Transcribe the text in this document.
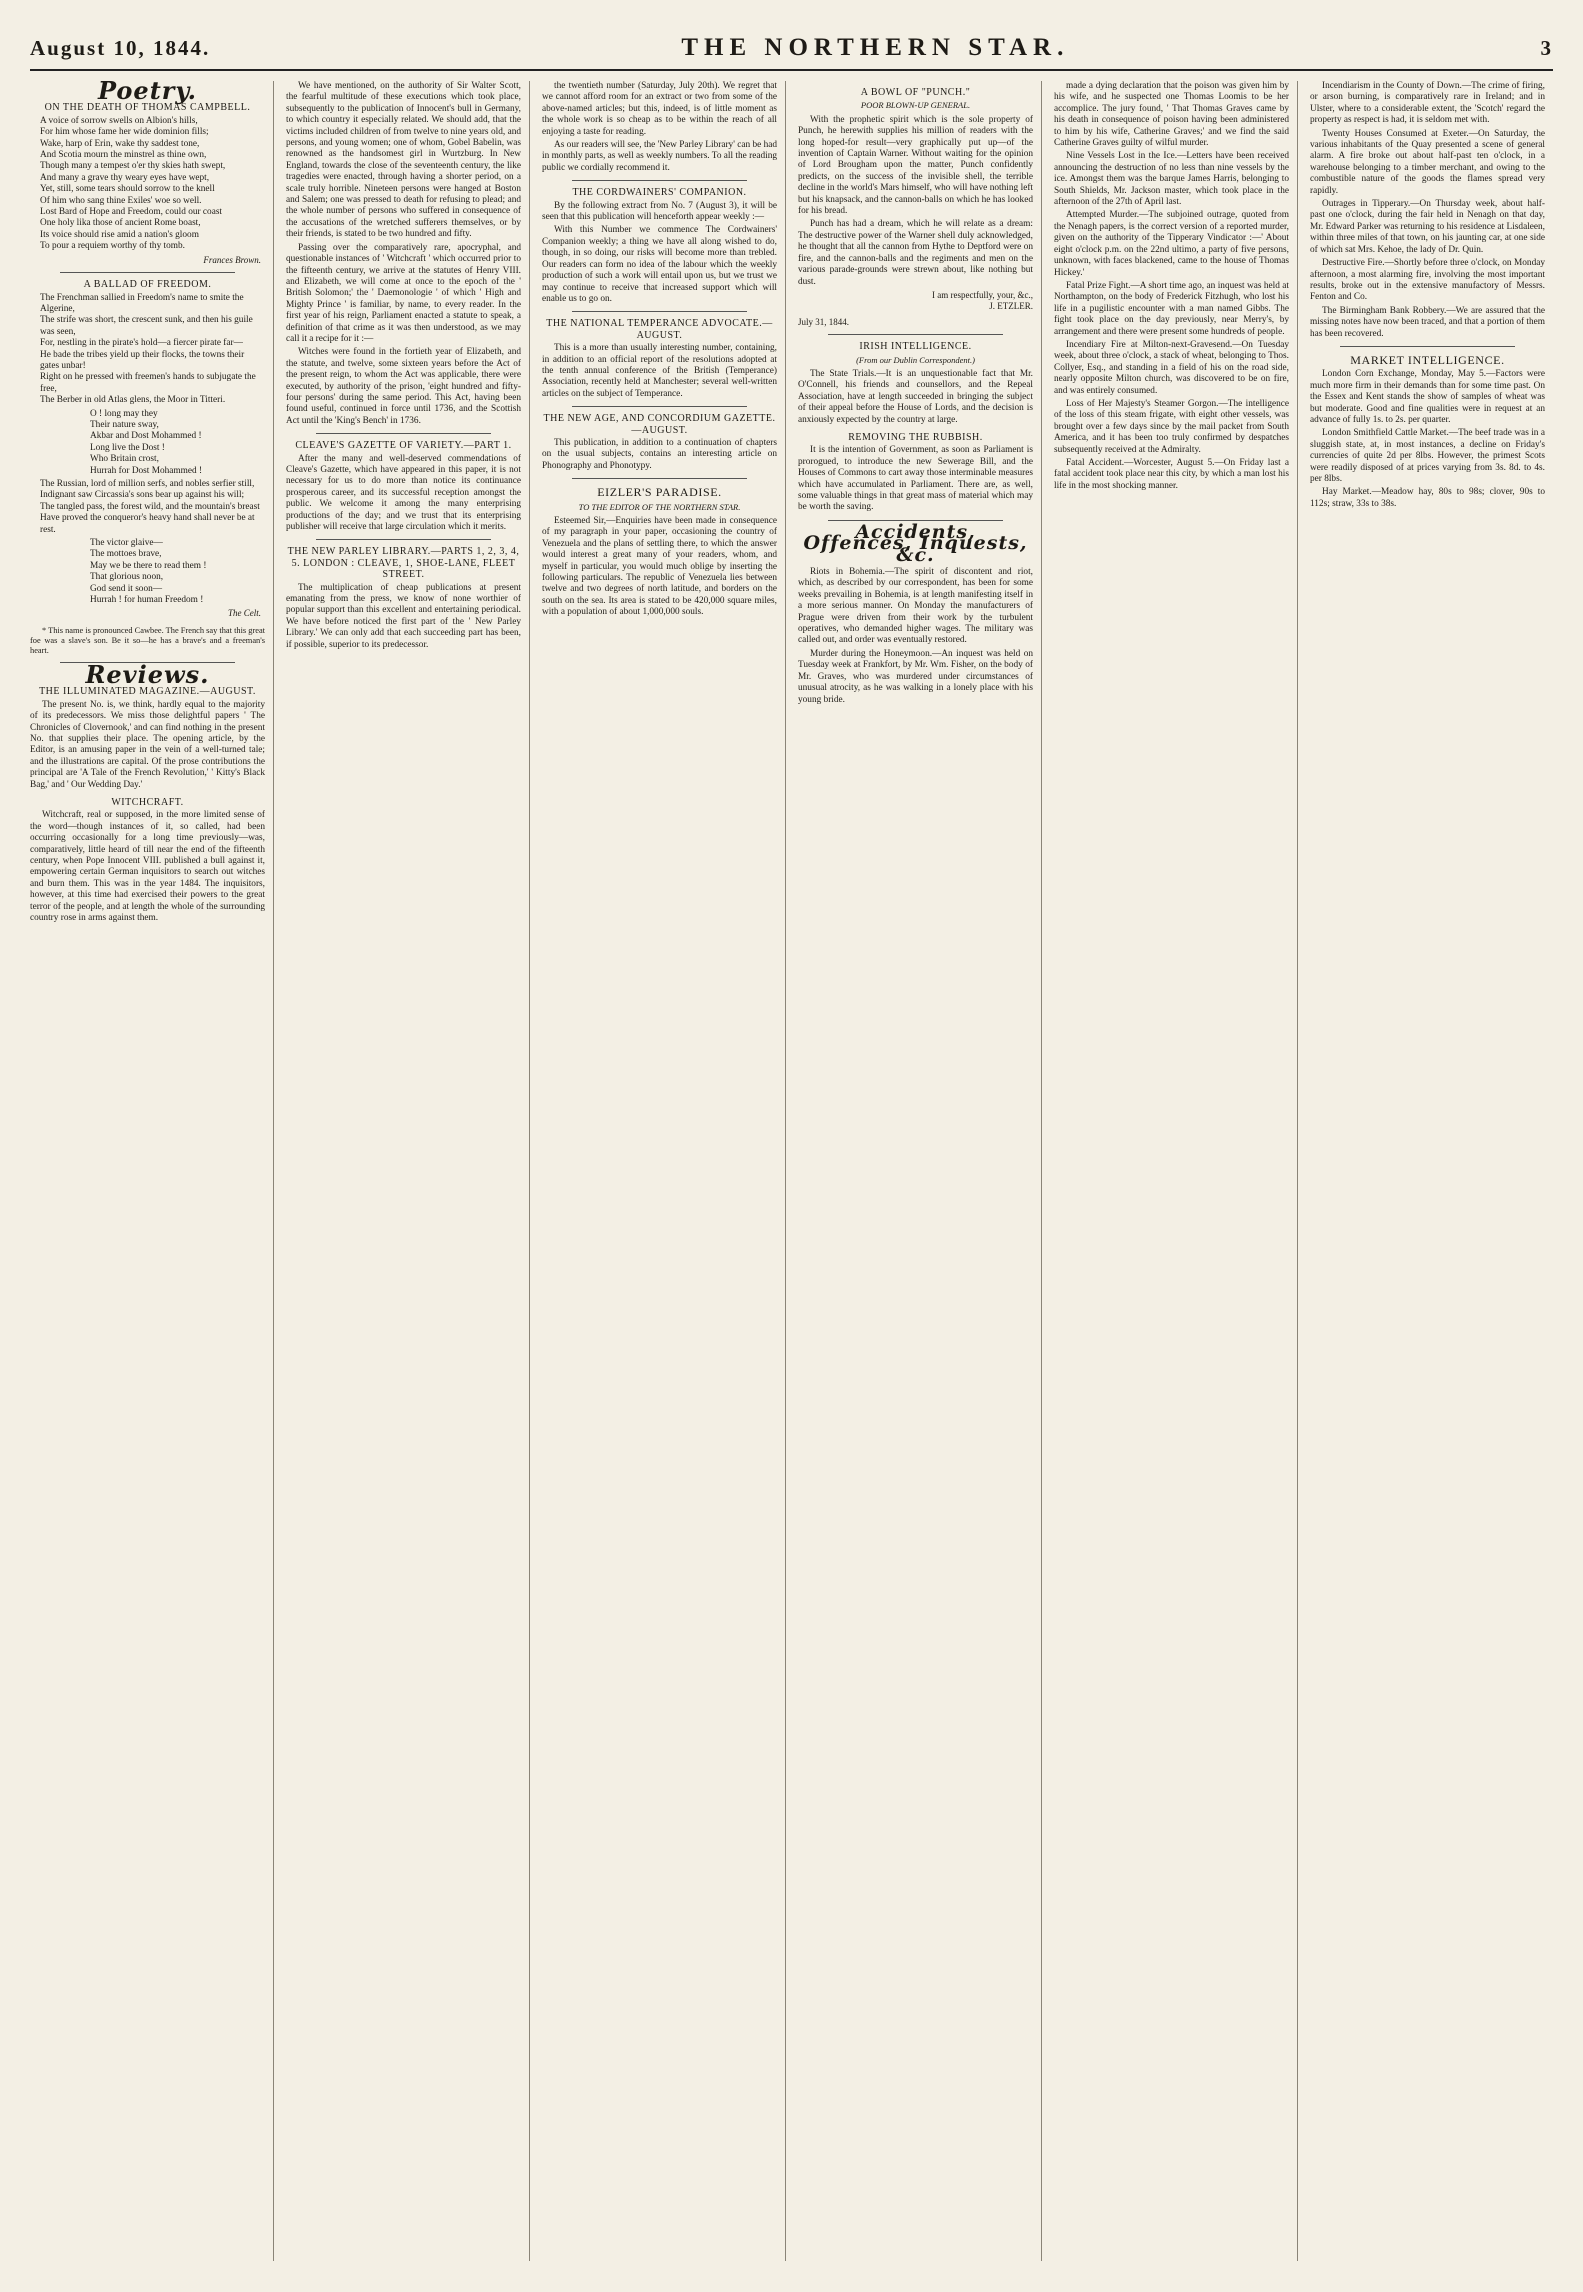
August 10, 1844.	THE NORTHERN STAR.	3
Poetry.
ON THE DEATH OF THOMAS CAMPBELL.

A voice of sorrow swells on Albion's hills,
For him whose fame her wide dominion fills;
Wake, harp of Erin, wake thy saddest tone,
And Scotia mourn the minstrel as thine own,
Though many a tempest o'er thy skies hath swept,
And many a grave thy weary eyes have wept,
Yet, still, some tears should sorrow to the knell
Of him who sang thine Exiles' woe so well.
Lost Bard of Hope and Freedom, could our coast
One holy lika those of ancient Rome boast,
Its voice should rise amid a nation's gloom
To pour a requiem worthy of thy tomb.

Frances Brown.
A BALLAD OF FREEDOM.

The Frenchman sallied in Freedom's name to smite the Algerine,
The strife was short, the crescent sunk, and then his guile was seen,
For, nestling in the pirate's hold—a fiercer pirate far—
He bade the tribes yield up their flocks, the towns their gates unbar!
Right on he pressed with freemen's hands to subjugate the free,
The Berber in old Atlas glens, the Moor in Titteri.

O ! long may they
Their nature sway,
Akbar and Dost Mohammed !
Long live the Dost !
Who Britain crost,
Hurrah for Dost Mohammed !

The Russian, lord of million serfs, and nobles serfier still,
Indignant saw Circassia's sons bear up against his will;
The tangled pass, the forest wild, and the mountain's breast
Have proved the conqueror's heavy hand shall never be at rest.

The victor glaive—
The mottoes brave,
May we be there to read them !
That glorious noon,
God send it soon—
Hurrah ! for human Freedom !

The Celt.

* This name is pronounced Cawbee. The French say that this great foe was a slave's son. Be it so—he has a brave's and a freeman's heart.

Reviews.
THE ILLUMINATED MAGAZINE.—AUGUST.

The present No. is, we think, hardly equal to the majority of its predecessors. We miss those delightful papers ' The Chronicles of Clovernook,' and can find nothing in the present No. that supplies their place. The opening article, by the Editor, is an amusing paper in the vein of a well-turned tale; and the illustrations are capital. Of the prose contributions the principal are 'A Tale of the French Revolution,' ' Kitty's Black Bag,' and ' Our Wedding Day.'

WITCHCRAFT.

Witchcraft, real or supposed, in the more limited sense of the word—though instances of it, so called, had been occurring occasionally for a long time previously—was, comparatively, little heard of till near the end of the fifteenth century, when Pope Innocent VIII. published a bull against it, empowering certain German inquisitors to search out witches and burn them. This was in the year 1484. The inquisitors, however, at this time had exercised their powers to the great terror of the people, and at length the whole of the surrounding country rose in arms against them.

We have mentioned, on the authority of Sir Walter Scott, the fearful multitude of these executions which took place, subsequently to the publication of Innocent's bull in Germany, to which country it especially related. We should add, that the victims included children of from twelve to nine years old, and persons, and young women; one of whom, Gobel Babelin, was renowned as the handsomest girl in Wurtzburg. In New England, towards the close of the seventeenth century, the like tragedies were enacted, through having a shorter period, on a scale truly horrible. Nineteen persons were hanged at Boston and Salem; one was pressed to death for refusing to plead; and the whole number of persons who suffered in consequence of the accusations of the wretched sufferers themselves, or by their friends, is stated to be two hundred and fifty.

Passing over the comparatively rare, apocryphal, and questionable instances of ' Witchcraft ' which occurred prior to the fifteenth century, we arrive at the statutes of Henry VIII. and Elizabeth, we will come at once to the epoch of the ' British Solomon;' the ' Daemonologie ' of which ' High and Mighty Prince ' is familiar, by name, to every reader. In the first year of his reign, Parliament enacted a statute to speak, a definition of that crime as it was then understood, as we may call it a recipe for it :—

Witches were found in the fortieth year of Elizabeth, and the statute, and twelve, some sixteen years before the Act of the present reign, to whom the Act was applicable, there were executed, by authority of the prison, 'eight hundred and fifty-four persons' during the same period. This Act, having been found useful, continued in force until 1736, and the Scottish Act until the 'King's Bench' in 1736.

CLEAVE'S GAZETTE OF VARIETY.—PART 1.

After the many and well-deserved commendations of Cleave's Gazette, which have appeared in this paper, it is not necessary for us to do more than notice its continuance prosperous career, and its successful reception amongst the public. We welcome it among the many enterprising productions of the day; and we trust that its enterprising publisher will receive that large circulation which it merits.

THE NEW PARLEY LIBRARY.—PARTS 1, 2, 3, 4, 5. LONDON : CLEAVE, 1, SHOE-LANE, FLEET STREET.

The multiplication of cheap publications at present emanating from the press, we know of none worthier of popular support than this excellent and entertaining periodical. We have before noticed the first part of the ' New Parley Library.' We can only add that each succeeding part has been, if possible, superior to its predecessor.

the twentieth number (Saturday, July 20th). We regret that we cannot afford room for an extract or two from some of the above-named articles; but this, indeed, is of little moment as the whole work is so cheap as to be within the reach of all enjoying a taste for reading.

As our readers will see, the 'New Parley Library' can be had in monthly parts, as well as weekly numbers. To all the reading public we cordially recommend it.

THE CORDWAINERS' COMPANION.

By the following extract from No. 7 (August 3), it will be seen that this publication will henceforth appear weekly :—

With this Number we commence The Cordwainers' Companion weekly; a thing we have all along wished to do, though, in so doing, our risks will become more than trebled. Our readers can form no idea of the labour which the weekly production of such a work will entail upon us, but we trust we may continue to receive that increased support which will enable us to go on.

THE NATIONAL TEMPERANCE ADVOCATE.—AUGUST.

This is a more than usually interesting number, containing, in addition to an official report of the resolutions adopted at the tenth annual conference of the British (Temperance) Association, recently held at Manchester; several well-written articles on the subject of Temperance.

THE NEW AGE, AND CONCORDIUM GAZETTE.—AUGUST.

This publication, in addition to a continuation of chapters on the usual subjects, contains an interesting article on Phonography and Phonotypy.

EIZLER'S PARADISE.
TO THE EDITOR OF THE NORTHERN STAR.

Esteemed Sir,—Enquiries have been made in consequence of my paragraph in your paper, occasioning the country of Venezuela and the plans of settling there, to which the answer would interest a great many of your readers, whom, and myself in particular, you would much oblige by inserting the following particulars. The republic of Venezuela lies between twelve and two degrees of north latitude, and borders on the south on the sea. Its area is stated to be 420,000 square miles, with a population of about 1,000,000 souls.

A BOWL OF "PUNCH."
POOR BLOWN-UP GENERAL.

With the prophetic spirit which is the sole property of Punch, he herewith supplies his million of readers with the long hoped-for result—very graphically put up—of the invention of Captain Warner. Without waiting for the opinion of Lord Brougham upon the matter, Punch confidently predicts, on the success of the invisible shell, the terrible decline in the world's Mars himself, who will have nothing left but his knapsack, and the cannon-balls on which he has looked for his bread.

Punch has had a dream, which he will relate as a dream: The destructive power of the Warner shell duly acknowledged, he thought that all the cannon from Hythe to Deptford were on fire, and the cannon-balls and the regiments and men on the various parade-grounds were strewn about, like nothing but dust.

I am respectfully, your, &c.,
J. ETZLER.
July 31, 1844.
IRISH INTELLIGENCE.
(From our Dublin Correspondent.)

The State Trials.—It is an unquestionable fact that Mr. O'Connell, his friends and counsellors, and the Repeal Association, have at length succeeded in bringing the subject of their appeal before the House of Lords, and the decision is anxiously expected by the country at large.

REMOVING THE RUBBISH.

It is the intention of Government, as soon as Parliament is prorogued, to introduce the new Sewerage Bill, and the Houses of Commons to cart away those interminable measures which have accumulated in Parliament. There are, as well, some valuable things in that great mass of material which may be worth the saving.

Accidents, Offences, Inquests, &c.

Riots in Bohemia.—The spirit of discontent and riot, which, as described by our correspondent, has been for some weeks prevailing in Bohemia, is at length manifesting itself in a more serious manner. On Monday the manufacturers of Prague were driven from their work by the turbulent operatives, who demanded higher wages. The military was called out, and order was eventually restored.

Murder during the Honeymoon.—An inquest was held on Tuesday week at Frankfort, by Mr. Wm. Fisher, on the body of Mr. Graves, who was murdered under circumstances of unusual atrocity, as he was walking in a lonely place with his young bride.

made a dying declaration that the poison was given him by his wife, and he suspected one Thomas Loomis to be her accomplice. The jury found, ' That Thomas Graves came by his death in consequence of poison having been administered to him by his wife, Catherine Graves;' and we find the said Catherine Graves guilty of wilful murder.

Nine Vessels Lost in the Ice.—Letters have been received announcing the destruction of no less than nine vessels by the ice. Amongst them was the barque James Harris, belonging to South Shields, Mr. Jackson master, which took place in the afternoon of the 27th of April last.

Attempted Murder.—The subjoined outrage, quoted from the Nenagh papers, is the correct version of a reported murder, given on the authority of the Tipperary Vindicator :—' About eight o'clock p.m. on the 22nd ultimo, a party of five persons, unknown, with faces blackened, came to the house of Thomas Hickey.'

Fatal Prize Fight.—A short time ago, an inquest was held at Northampton, on the body of Frederick Fitzhugh, who lost his life in a pugilistic encounter with a man named Gibbs. The fight took place on the day previously, near Merry's, by arrangement and there were present some hundreds of people.

Incendiary Fire at Milton-next-Gravesend.—On Tuesday week, about three o'clock, a stack of wheat, belonging to Thos. Collyer, Esq., and standing in a field of his on the road side, nearly opposite Milton church, was discovered to be on fire, and was entirely consumed.

Loss of Her Majesty's Steamer Gorgon.—The intelligence of the loss of this steam frigate, with eight other vessels, was brought over a few days since by the mail packet from South America, and it has been too truly confirmed by despatches subsequently received at the Admiralty.

Fatal Accident.—Worcester, August 5.—On Friday last a fatal accident took place near this city, by which a man lost his life in the most shocking manner.

Incendiarism in the County of Down.—The crime of firing, or arson burning, is comparatively rare in Ireland; and in Ulster, where to a considerable extent, the 'Scotch' regard the property as respect is had, it is seldom met with.

Twenty Houses Consumed at Exeter.—On Saturday, the various inhabitants of the Quay presented a scene of general alarm. A fire broke out about half-past ten o'clock, in a warehouse belonging to a timber merchant, and owing to the combustible nature of the goods the flames spread very rapidly.

Outrages in Tipperary.—On Thursday week, about half-past one o'clock, during the fair held in Nenagh on that day, Mr. Edward Parker was returning to his residence at Lisdaleen, within three miles of that town, on his jaunting car, at one side of which sat Mrs. Kehoe, the lady of Dr. Quin.

Destructive Fire.—Shortly before three o'clock, on Monday afternoon, a most alarming fire, involving the most important results, broke out in the extensive manufactory of Messrs. Fenton and Co.

The Birmingham Bank Robbery.—We are assured that the missing notes have now been traced, and that a portion of them has been recovered.

MARKET INTELLIGENCE.

London Corn Exchange, Monday, May 5.—Factors were much more firm in their demands than for some time past. On the Essex and Kent stands the show of samples of wheat was but moderate. Good and fine qualities were in request at an advance of fully 1s. to 2s. per quarter.

London Smithfield Cattle Market.—The beef trade was in a sluggish state, at, in most instances, a decline on Friday's currencies of quite 2d per 8lbs. However, the primest Scots were readily disposed of at prices varying from 3s. 8d. to 4s. per 8lbs.

Hay Market.—Meadow hay, 80s to 98s; clover, 90s to 112s; straw, 33s to 38s.
